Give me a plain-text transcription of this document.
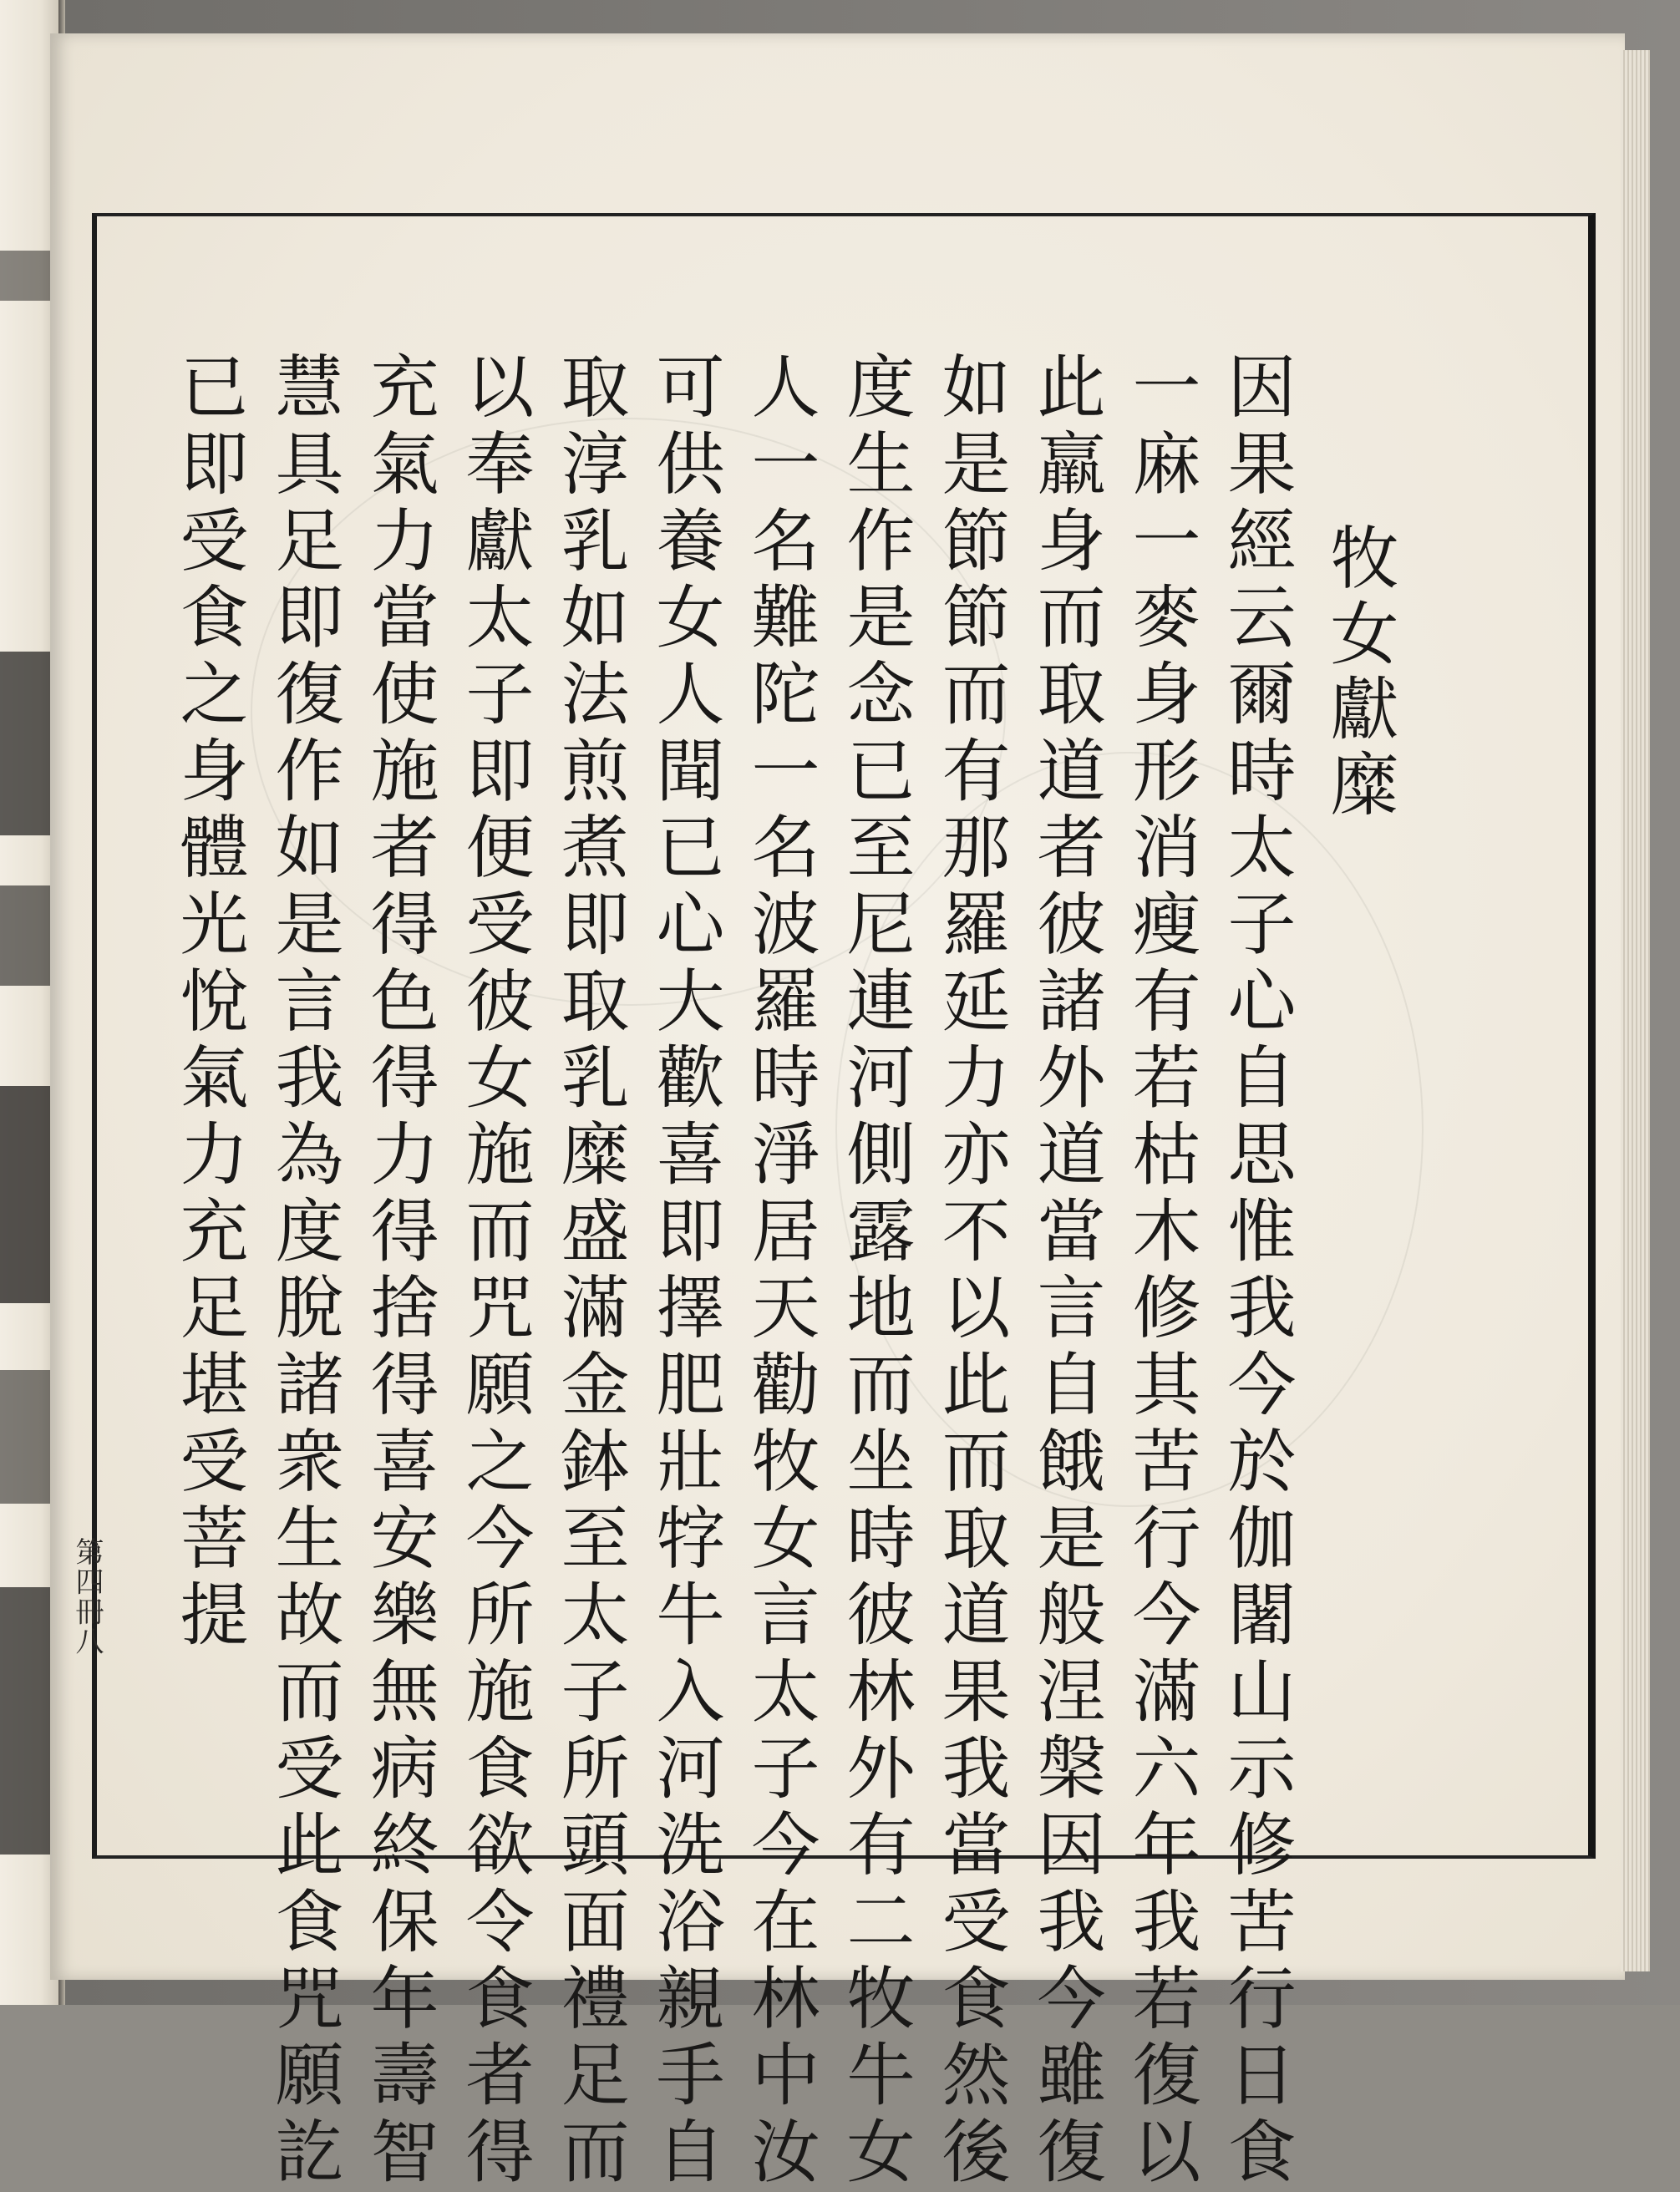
牧女獻糜
因果經云爾時太子心自思惟我今於伽闍山示修苦行日食
一麻一麥身形消瘦有若枯木修其苦行今滿六年我若復以
此羸身而取道者彼諸外道當言自餓是般涅槃因我今雖復
如是節節而有那羅延力亦不以此而取道果我當受食然後
度生作是念已至尼連河側露地而坐時彼林外有二牧牛女
人一名難陀一名波羅時淨居天勸牧女言太子今在林中汝
可供養女人聞已心大歡喜即擇肥壯牸牛入河洗浴親手自
取淳乳如法煎煮即取乳糜盛滿金鉢至太子所頭面禮足而
以奉獻太子即便受彼女施而咒願之今所施食欲令食者得
充氣力當使施者得色得力得捨得喜安樂無病終保年壽智
慧具足即復作如是言我為度脫諸衆生故而受此食咒願訖
已即受食之身體光悅氣力充足堪受菩提
第四冊八
